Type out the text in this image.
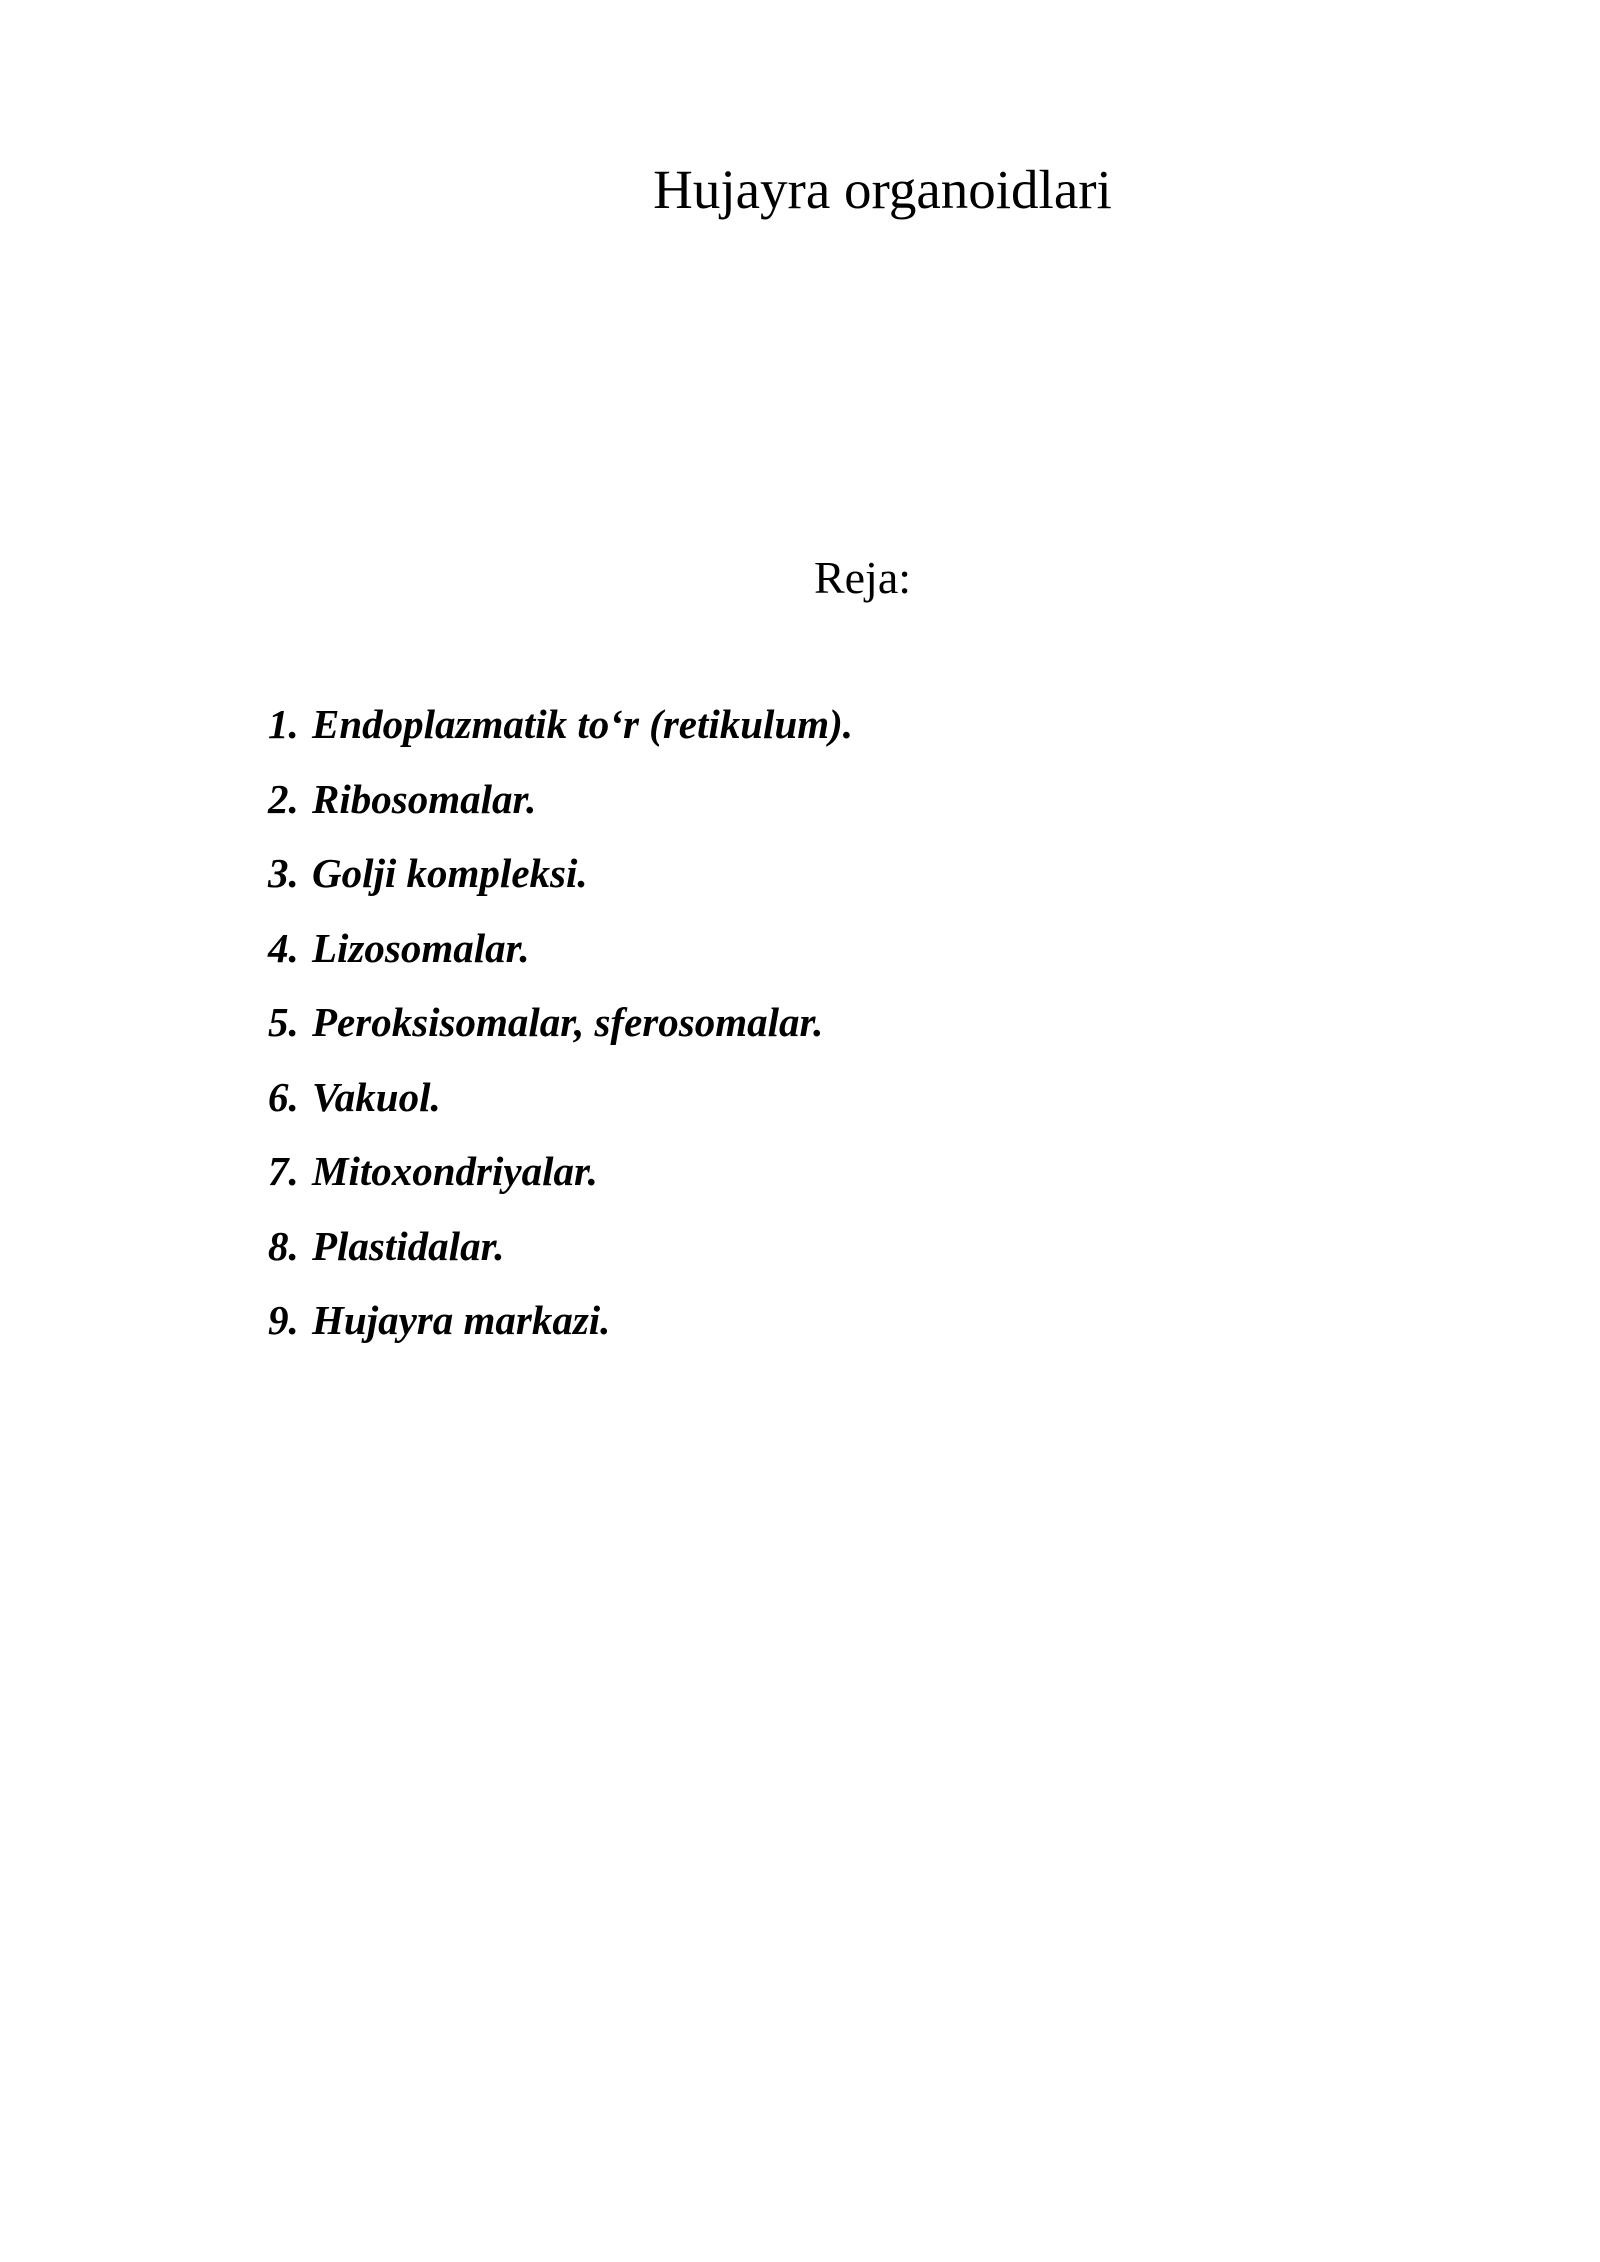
Hujayra organoidlari
Reja:
1. Endoplazmatik to‘r (retikulum).
2. Ribosomalar.
3. Golji kompleksi.
4. Lizosomalar.
5. Peroksisomalar, sferosomalar.
6. Vakuol.
7. Mitoxondriyalar.
8. Plastidalar.
9. Hujayra markazi.
